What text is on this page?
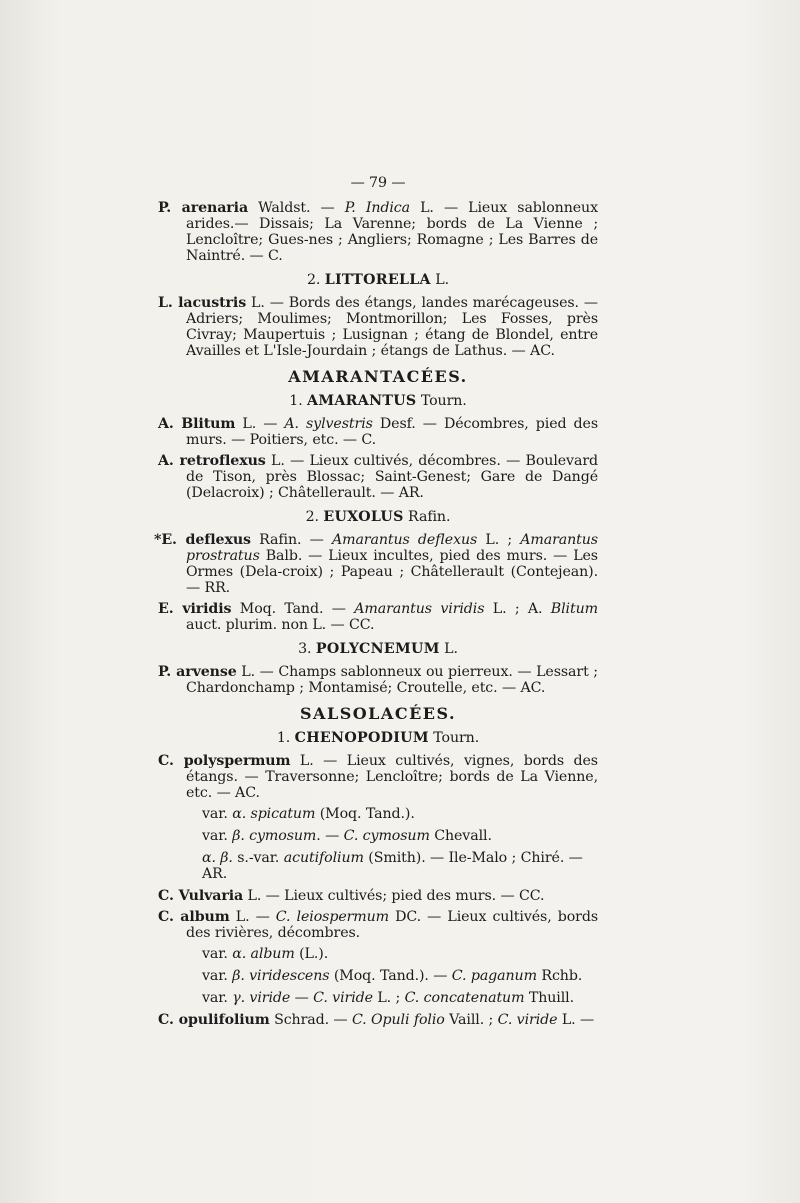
— 79 —
P. arenaria Waldst. — P. Indica L. — Lieux sablonneux arides.— Dissais; La Varenne; bords de La Vienne ; Lencloître; Gues-nes ; Angliers; Romagne ; Les Barres de Naintré. — C.
2. LITTORELLA L.
L. lacustris L. — Bords des étangs, landes marécageuses. — Adriers; Moulimes; Montmorillon; Les Fosses, près Civray; Maupertuis ; Lusignan ; étang de Blondel, entre Availles et L'Isle-Jourdain ; étangs de Lathus. — AC.
AMARANTACÉES.
1. AMARANTUS Tourn.
A. Blitum L. — A. sylvestris Desf. — Décombres, pied des murs. — Poitiers, etc. — C.
A. retroflexus L. — Lieux cultivés, décombres. — Boulevard de Tison, près Blossac; Saint-Genest; Gare de Dangé (Delacroix) ; Châtellerault. — AR.
2. EUXOLUS Rafin.
*E. deflexus Rafin. — Amarantus deflexus L. ; Amarantus prostratus Balb. — Lieux incultes, pied des murs. — Les Ormes (Dela-croix) ; Papeau ; Châtellerault (Contejean). — RR.
E. viridis Moq. Tand. — Amarantus viridis L. ; A. Blitum auct. plurim. non L. — CC.
3. POLYCNEMUM L.
P. arvense L. — Champs sablonneux ou pierreux. — Lessart ; Chardonchamp ; Montamisé; Croutelle, etc. — AC.
SALSOLACÉES.
1. CHENOPODIUM Tourn.
C. polyspermum L. — Lieux cultivés, vignes, bords des étangs. — Traversonne; Lencloître; bords de La Vienne, etc. — AC.
var. α. spicatum (Moq. Tand.).
var. β. cymosum. — C. cymosum Chevall.
α. β. s.-var. acutifolium (Smith). — Ile-Malo ; Chiré. — AR.
C. Vulvaria L. — Lieux cultivés; pied des murs. — CC.
C. album L. — C. leiospermum DC. — Lieux cultivés, bords des rivières, décombres.
var. α. album (L.).
var. β. viridescens (Moq. Tand.). — C. paganum Rchb.
var. γ. viride — C. viride L. ; C. concatenatum Thuill.
C. opulifolium Schrad. — C. Opuli folio Vaill. ; C. viride L. —
